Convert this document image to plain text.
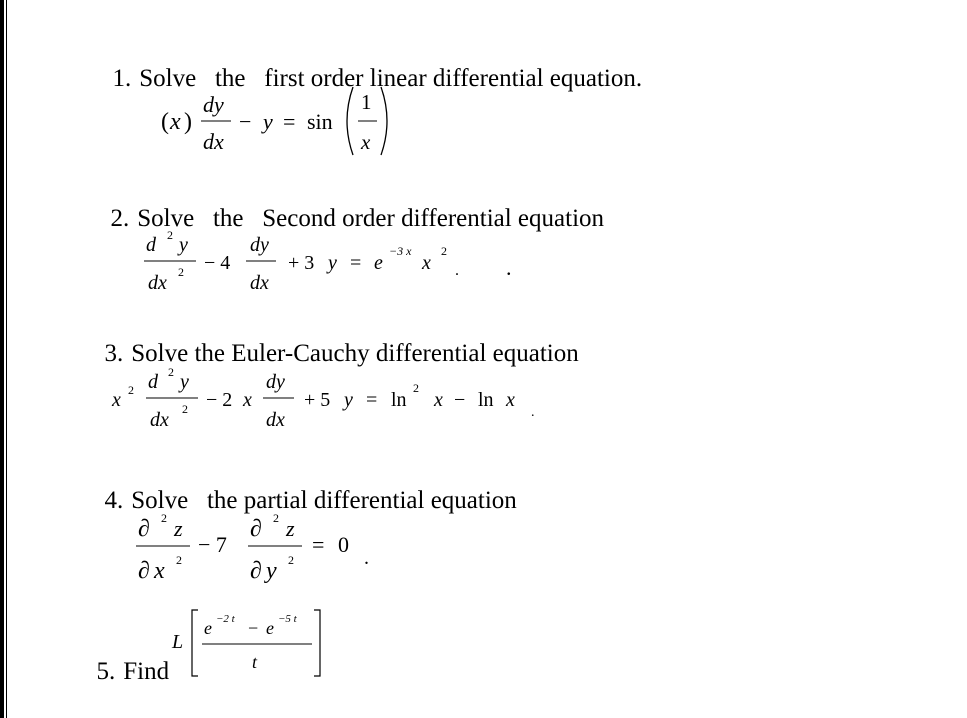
1. Solve   the   first order linear differential equation.

( x )
dy
dx
− y = sin
1
x

2. Solve   the   Second order differential equation

d 2 y
dx 2 − 4
dy
dx
+ 3 y = e
−3 x
x
2
. .

3. Solve the Euler-Cauchy differential equation

x 2 d 2 y
dx 2 − 2 x
dy
dx
+ 5 y = ln
2
x − ln x
.

4. Solve   the partial differential equation

∂ 2 z
∂ x 2
− 7
∂ 2 z
∂ y 2
= 0
.

5. Find

L
e −2 t − e −5 t
t
